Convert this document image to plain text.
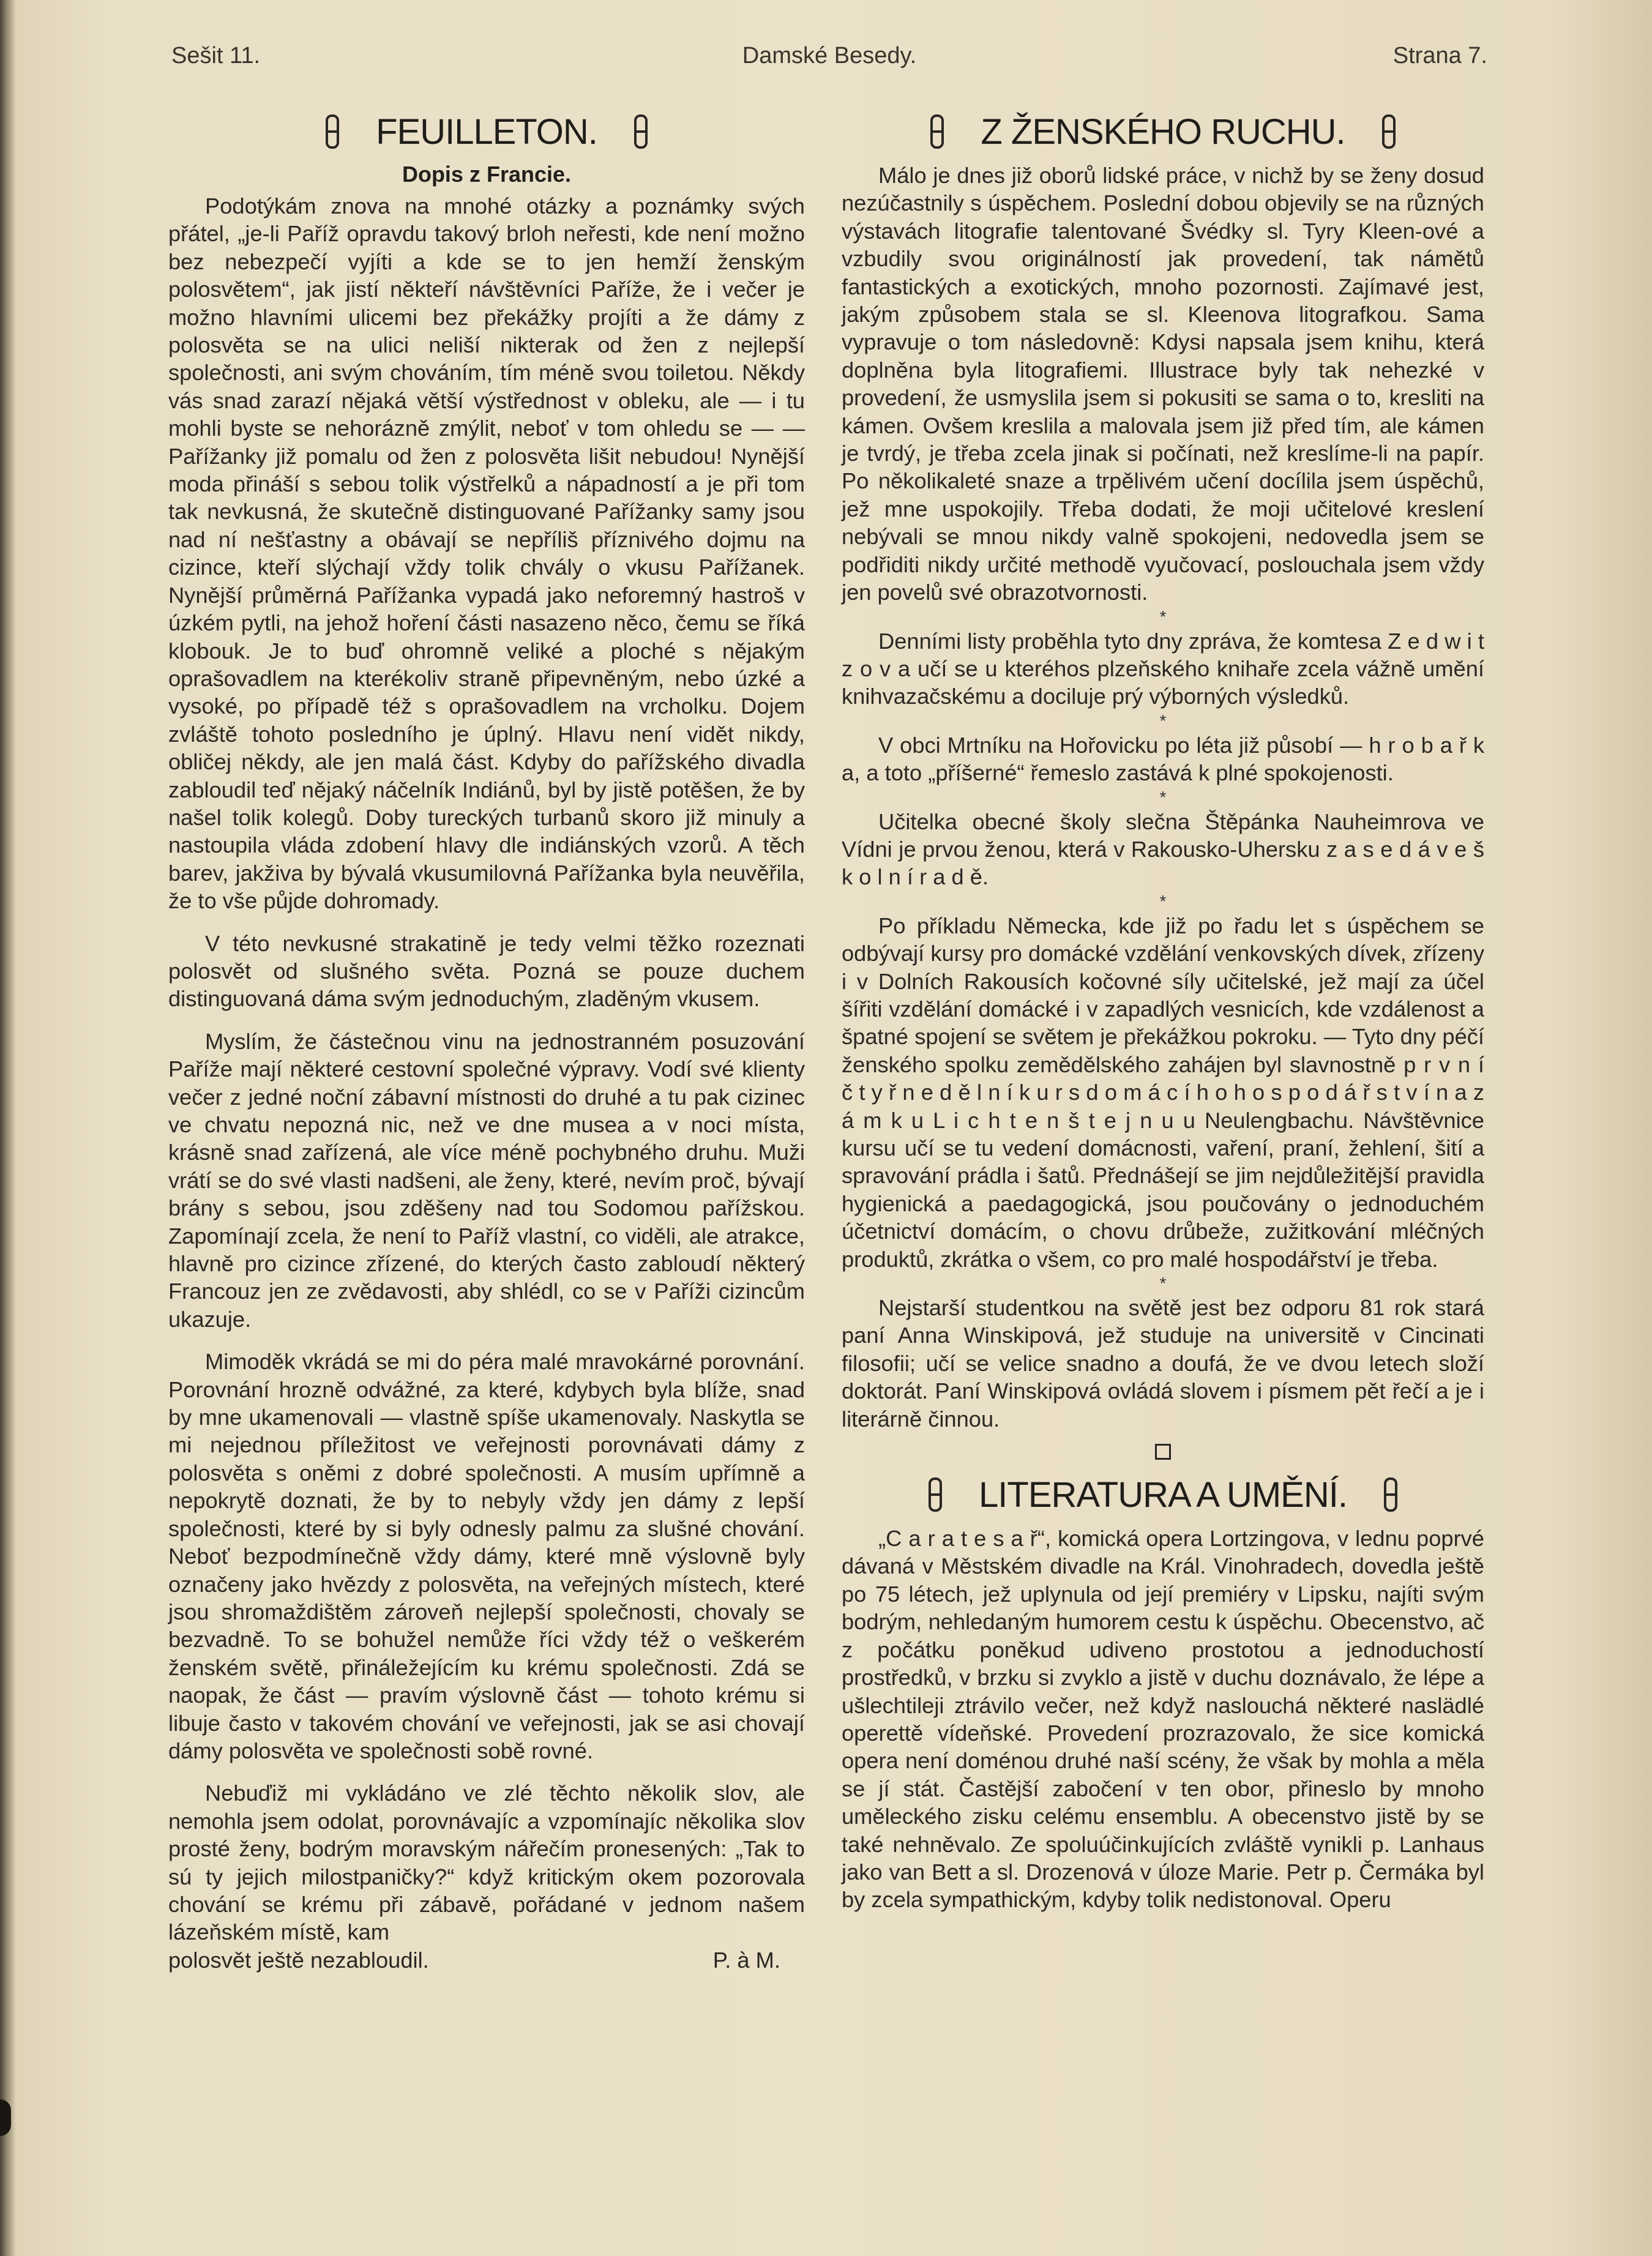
Damské Besedy.
Sešit 11.	Strana 7.
FEUILLETON.
Dopis z Francie.

Podotýkám znova na mnohé otázky a poznámky svých přátel, „je-li Paříž opravdu takový brloh neřesti, kde není možno bez nebezpečí vyjíti a kde se to jen hemží ženským polosvětem“, jak jistí někteří návštěvníci Paříže, že i večer je možno hlavními ulicemi bez překážky projíti a že dámy z polosvěta se na ulici neliší nikterak od žen z nejlepší společnosti, ani svým chováním, tím méně svou toiletou. Někdy vás snad zarazí nějaká větší výstřednost v obleku, ale — i tu mohli byste se nehorázně zmýlit, neboť v tom ohledu se — — Pařížanky již pomalu od žen z polosvěta lišit nebudou! Nynější moda přináší s sebou tolik výstřelků a nápadností a je při tom tak nevkusná, že skutečně distinguované Pařížanky samy jsou nad ní nešťastny a obávají se nepříliš příznivého dojmu na cizince, kteří slýchají vždy tolik chvály o vkusu Pařížanek. Nynější průměrná Pařížanka vypadá jako neforemný hastroš v úzkém pytli, na jehož hoření části nasazeno něco, čemu se říká klobouk. Je to buď ohromně veliké a ploché s nějakým oprašovadlem na kterékoliv straně připevněným, nebo úzké a vysoké, po případě též s oprašovadlem na vrcholku. Dojem zvláště tohoto posledního je úplný. Hlavu není vidět nikdy, obličej někdy, ale jen malá část. Kdyby do pařížského divadla zabloudil teď nějaký náčelník Indiánů, byl by jistě potěšen, že by našel tolik kolegů. Doby tureckých turbanů skoro již minuly a nastoupila vláda zdobení hlavy dle indiánských vzorů. A těch barev, jakživa by bývalá vkusumilovná Pařížanka byla neuvěřila, že to vše půjde dohromady.

V této nevkusné strakatině je tedy velmi těžko rozeznati polosvět od slušného světa. Pozná se pouze duchem distinguovaná dáma svým jednoduchým, zladěným vkusem.

Myslím, že částečnou vinu na jednostranném posuzování Paříže mají některé cestovní společné výpravy. Vodí své klienty večer z jedné noční zábavní místnosti do druhé a tu pak cizinec ve chvatu nepozná nic, než ve dne musea a v noci místa, krásně snad zařízená, ale více méně pochybného druhu. Muži vrátí se do své vlasti nadšeni, ale ženy, které, nevím proč, bývají brány s sebou, jsou zděšeny nad tou Sodomou pařížskou. Zapomínají zcela, že není to Paříž vlastní, co viděli, ale atrakce, hlavně pro cizince zřízené, do kterých často zabloudí některý Francouz jen ze zvědavosti, aby shlédl, co se v Paříži cizincům ukazuje.

Mimoděk vkrádá se mi do péra malé mravokárné porovnání. Porovnání hrozně odvážné, za které, kdybych byla blíže, snad by mne ukamenovali — vlastně spíše ukamenovaly. Naskytla se mi nejednou příležitost ve veřejnosti porovnávati dámy z polosvěta s oněmi z dobré společnosti. A musím upřímně a nepokrytě doznati, že by to nebyly vždy jen dámy z lepší společnosti, které by si byly odnesly palmu za slušné chování. Neboť bezpodmínečně vždy dámy, které mně výslovně byly označeny jako hvězdy z polosvěta, na veřejných místech, které jsou shromaždištěm zároveň nejlepší společnosti, chovaly se bezvadně. To se bohužel nemůže říci vždy též o veškerém ženském světě, přináležejícím ku krému společnosti. Zdá se naopak, že část — pravím výslovně část — tohoto krému si libuje často v takovém chování ve veřejnosti, jak se asi chovají dámy polosvěta ve společnosti sobě rovné.

Nebuďiž mi vykládáno ve zlé těchto několik slov, ale nemohla jsem odolat, porovnávajíc a vzpomínajíc několika slov prosté ženy, bodrým moravským nářečím pronesených: „Tak to sú ty jejich milostpaničky?“ když kritickým okem pozorovala chování se krému při zábavě, pořádané v jednom našem lázeňském místě, kam

polosvět ještě nezabloudil.	P. à M.
Z ŽENSKÉHO RUCHU.

Málo je dnes již oborů lidské práce, v nichž by se ženy dosud nezúčastnily s úspěchem. Poslední dobou objevily se na různých výstavách litografie talentované Švédky sl. Tyry Kleen-ové a vzbudily svou originálností jak provedení, tak námětů fantastických a exotických, mnoho pozornosti. Zajímavé jest, jakým způsobem stala se sl. Kleenova litografkou. Sama vypravuje o tom následovně: Kdysi napsala jsem knihu, která doplněna byla litografiemi. Illustrace byly tak nehezké v provedení, že usmyslila jsem si pokusiti se sama o to, kresliti na kámen. Ovšem kreslila a malovala jsem již před tím, ale kámen je tvrdý, je třeba zcela jinak si počínati, než kreslíme-li na papír. Po několikaleté snaze a trpělivém učení docílila jsem úspěchů, jež mne uspokojily. Třeba dodati, že moji učitelové kreslení nebývali se mnou nikdy valně spokojeni, nedovedla jsem se podřiditi nikdy určité methodě vyučovací, poslouchala jsem vždy jen povelů své obrazotvornosti.

*

Denními listy proběhla tyto dny zpráva, že komtesa Z e d w i t z o v a učí se u kteréhos plzeňského knihaře zcela vážně umění knihvazačskému a dociluje prý výborných výsledků.

*

V obci Mrtníku na Hořovicku po léta již působí — h r o b a ř k a, a toto „příšerné“ řemeslo zastává k plné spokojenosti.

*

Učitelka obecné školy slečna Štěpánka Nauheimrova ve Vídni je prvou ženou, která v Rakousko-Uhersku z a s e d á v e š k o l n í r a d ě.

*

Po příkladu Německa, kde již po řadu let s úspěchem se odbývají kursy pro domácké vzdělání venkovských dívek, zřízeny i v Dolních Rakousích kočovné síly učitelské, jež mají za účel šířiti vzdělání domácké i v zapadlých vesnicích, kde vzdálenost a špatné spojení se světem je překážkou pokroku. — Tyto dny péčí ženského spolku zemědělského zahájen byl slavnostně p r v n í č t y ř n e d ě l n í k u r s d o m á c í h o h o s p o d á ř s t v í n a z á m k u L i c h t e n š t e j n u u Neulengbachu. Návštěvnice kursu učí se tu vedení domácnosti, vaření, praní, žehlení, šití a spravování prádla i šatů. Přednášejí se jim nejdůležitější pravidla hygienická a paedagogická, jsou poučovány o jednoduchém účetnictví domácím, o chovu drůbeže, zužitkování mléčných produktů, zkrátka o všem, co pro malé hospodářství je třeba.

*

Nejstarší studentkou na světě jest bez odporu 81 rok stará paní Anna Winskipová, jež studuje na universitě v Cincinati filosofii; učí se velice snadno a doufá, že ve dvou letech složí doktorát. Paní Winskipová ovládá slovem i písmem pět řečí a je i literárně činnou.

LITERATURA A UMĚNÍ.

„C a r a t e s a ř“, komická opera Lortzingova, v lednu poprvé dávaná v Městském divadle na Král. Vinohradech, dovedla ještě po 75 létech, jež uplynula od její premiéry v Lipsku, najíti svým bodrým, nehledaným humorem cestu k úspěchu. Obecenstvo, ač z počátku poněkud udiveno prostotou a jednoduchostí prostředků, v brzku si zvyklo a jistě v duchu doznávalo, že lépe a ušlechtileji ztrávilo večer, než když naslouchá některé naslädlé operettě vídeňské. Provedení prozrazovalo, že sice komická opera není doménou druhé naší scény, že však by mohla a měla se jí stát. Častější zabočení v ten obor, přineslo by mnoho uměleckého zisku celému ensemblu. A obecenstvo jistě by se také nehněvalo. Ze spoluúčinkujících zvláště vynikli p. Lanhaus jako van Bett a sl. Drozenová v úloze Marie. Petr p. Čermáka byl by zcela sympathickým, kdyby tolik nedistonoval. Operu
